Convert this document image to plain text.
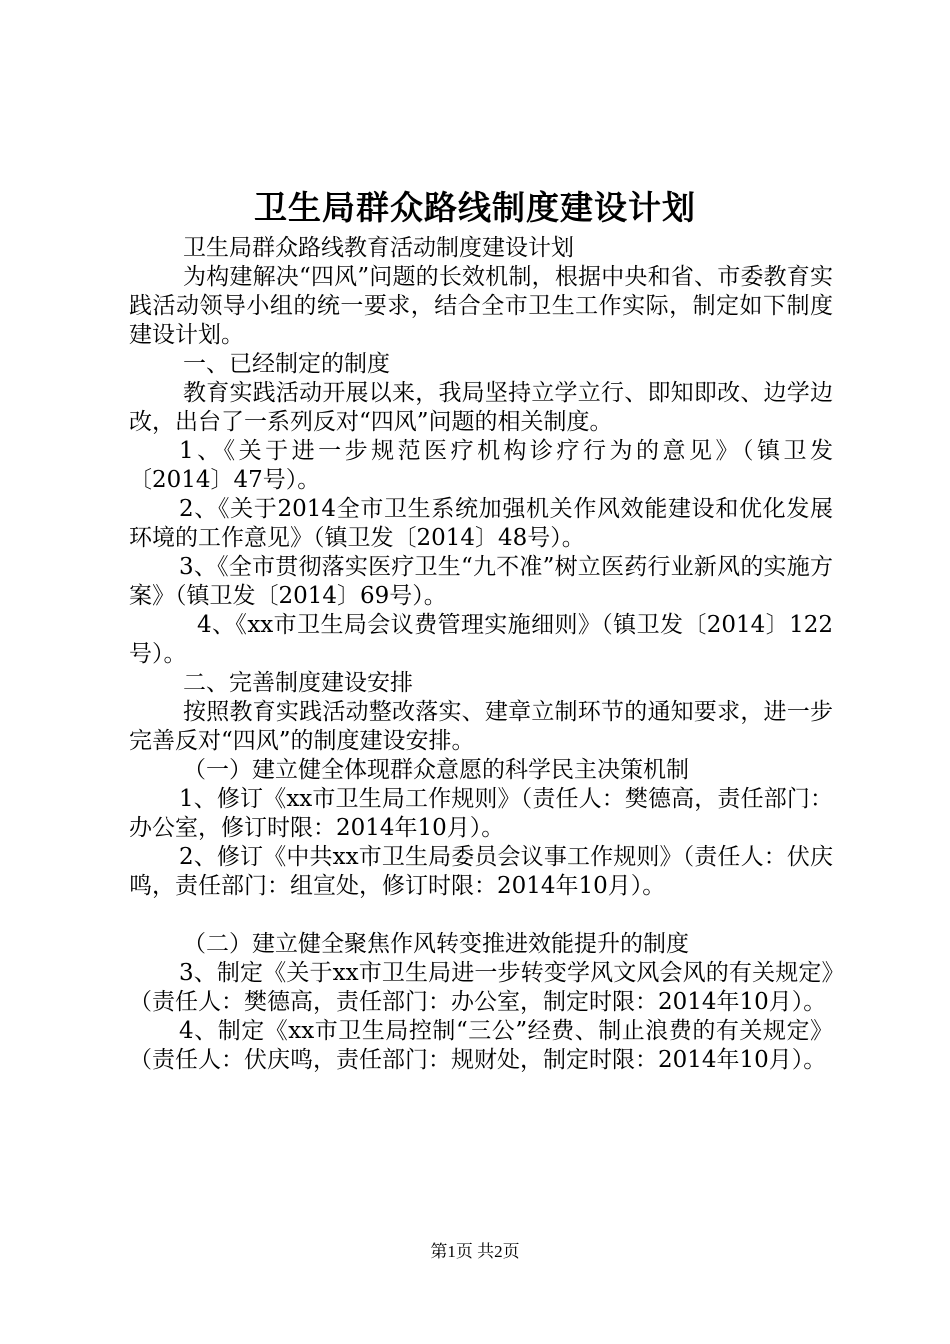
卫生局群众路线制度建设计划

卫生局群众路线教育活动制度建设计划

为构建解决“四风”问题的长效机制，根据中央和省、市委教育实践活动领导小组的统一要求，结合全市卫生工作实际，制定如下制度建设计划。

一、已经制定的制度

教育实践活动开展以来，我局坚持立学立行、即知即改、边学边改，出台了一系列反对“四风”问题的相关制度。

1、《关于进一步规范医疗机构诊疗行为的意见》（镇卫发〔2014〕47号）。

2、《关于2014全市卫生系统加强机关作风效能建设和优化发展环境的工作意见》（镇卫发〔2014〕48号）。

3、《全市贯彻落实医疗卫生“九不准”树立医药行业新风的实施方案》（镇卫发〔2014〕69号）。

4、《xx市卫生局会议费管理实施细则》（镇卫发〔2014〕122号）。

二、完善制度建设安排

按照教育实践活动整改落实、建章立制环节的通知要求，进一步完善反对“四风”的制度建设安排。

（一）建立健全体现群众意愿的科学民主决策机制

1、修订《xx市卫生局工作规则》（责任人：樊德高，责任部门：办公室，修订时限：2014年10月）。

2、修订《中共xx市卫生局委员会议事工作规则》（责任人：伏庆鸣，责任部门：组宣处，修订时限：2014年10月）。

（二）建立健全聚焦作风转变推进效能提升的制度

3、制定《关于xx市卫生局进一步转变学风文风会风的有关规定》（责任人：樊德高，责任部门：办公室，制定时限：2014年10月）。

4、制定《xx市卫生局控制“三公”经费、制止浪费的有关规定》（责任人：伏庆鸣，责任部门：规财处，制定时限：2014年10月）。

第1页 共2页
